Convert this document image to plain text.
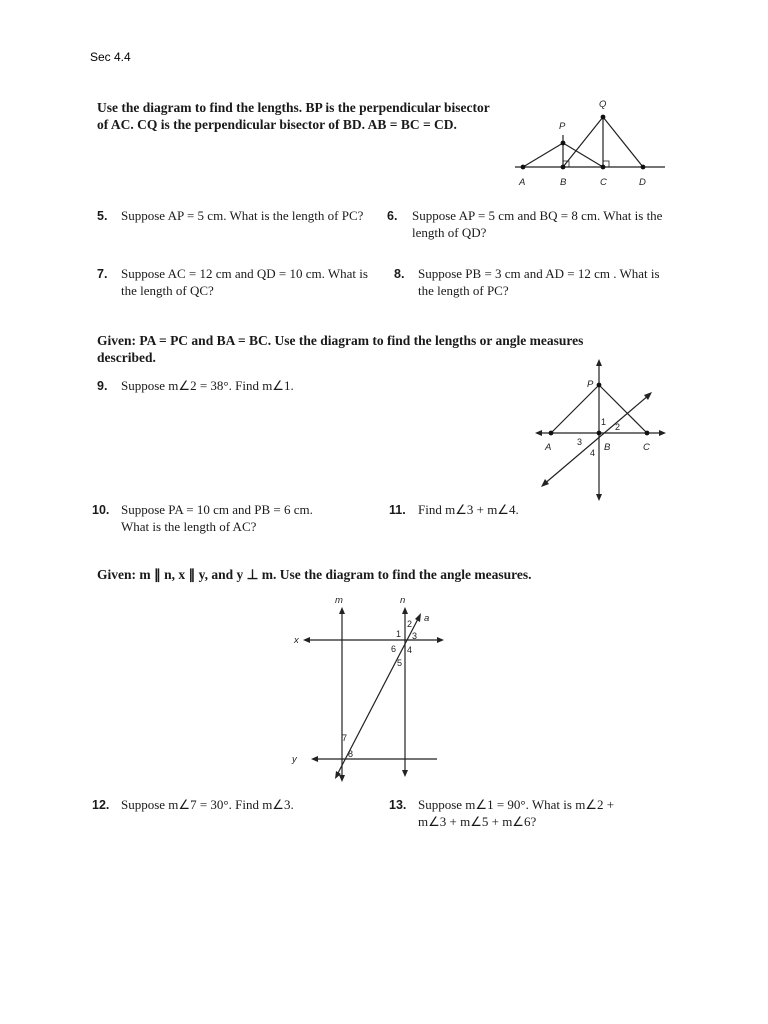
Sec 4.4
Use the diagram to find the lengths. BP is the perpendicular bisector of AC. CQ is the perpendicular bisector of BD. AB = BC = CD.
A	B	C	D
P
Q
5. Suppose AP = 5 cm. What is the length of PC?	6. Suppose AP = 5 cm and BQ = 8 cm. What is the length of QD?
7. Suppose AC = 12 cm and QD = 10 cm. What is the length of QC?
8. Suppose PB = 3 cm and AD = 12 cm . What is the length of PC?
Given: PA = PC and BA = BC. Use the diagram to find the lengths or angle measures described.
9. Suppose m∠2 = 38°. Find m∠1.	P
A	B	C
1 2
3
4
10. Suppose PA = 10 cm and PB = 6 cm. What is the length of AC?
11. Find m∠3 + m∠4.
Given: m ∥ n, x ∥ y, and y ⊥ m. Use the diagram to find the angle measures.
m	n
x
y
a
1
2
3
4
5
6
7
8
12. Suppose m∠7 = 30°. Find m∠3.	13. Suppose m∠1 = 90°. What is m∠2 + m∠3 + m∠5 + m∠6?
